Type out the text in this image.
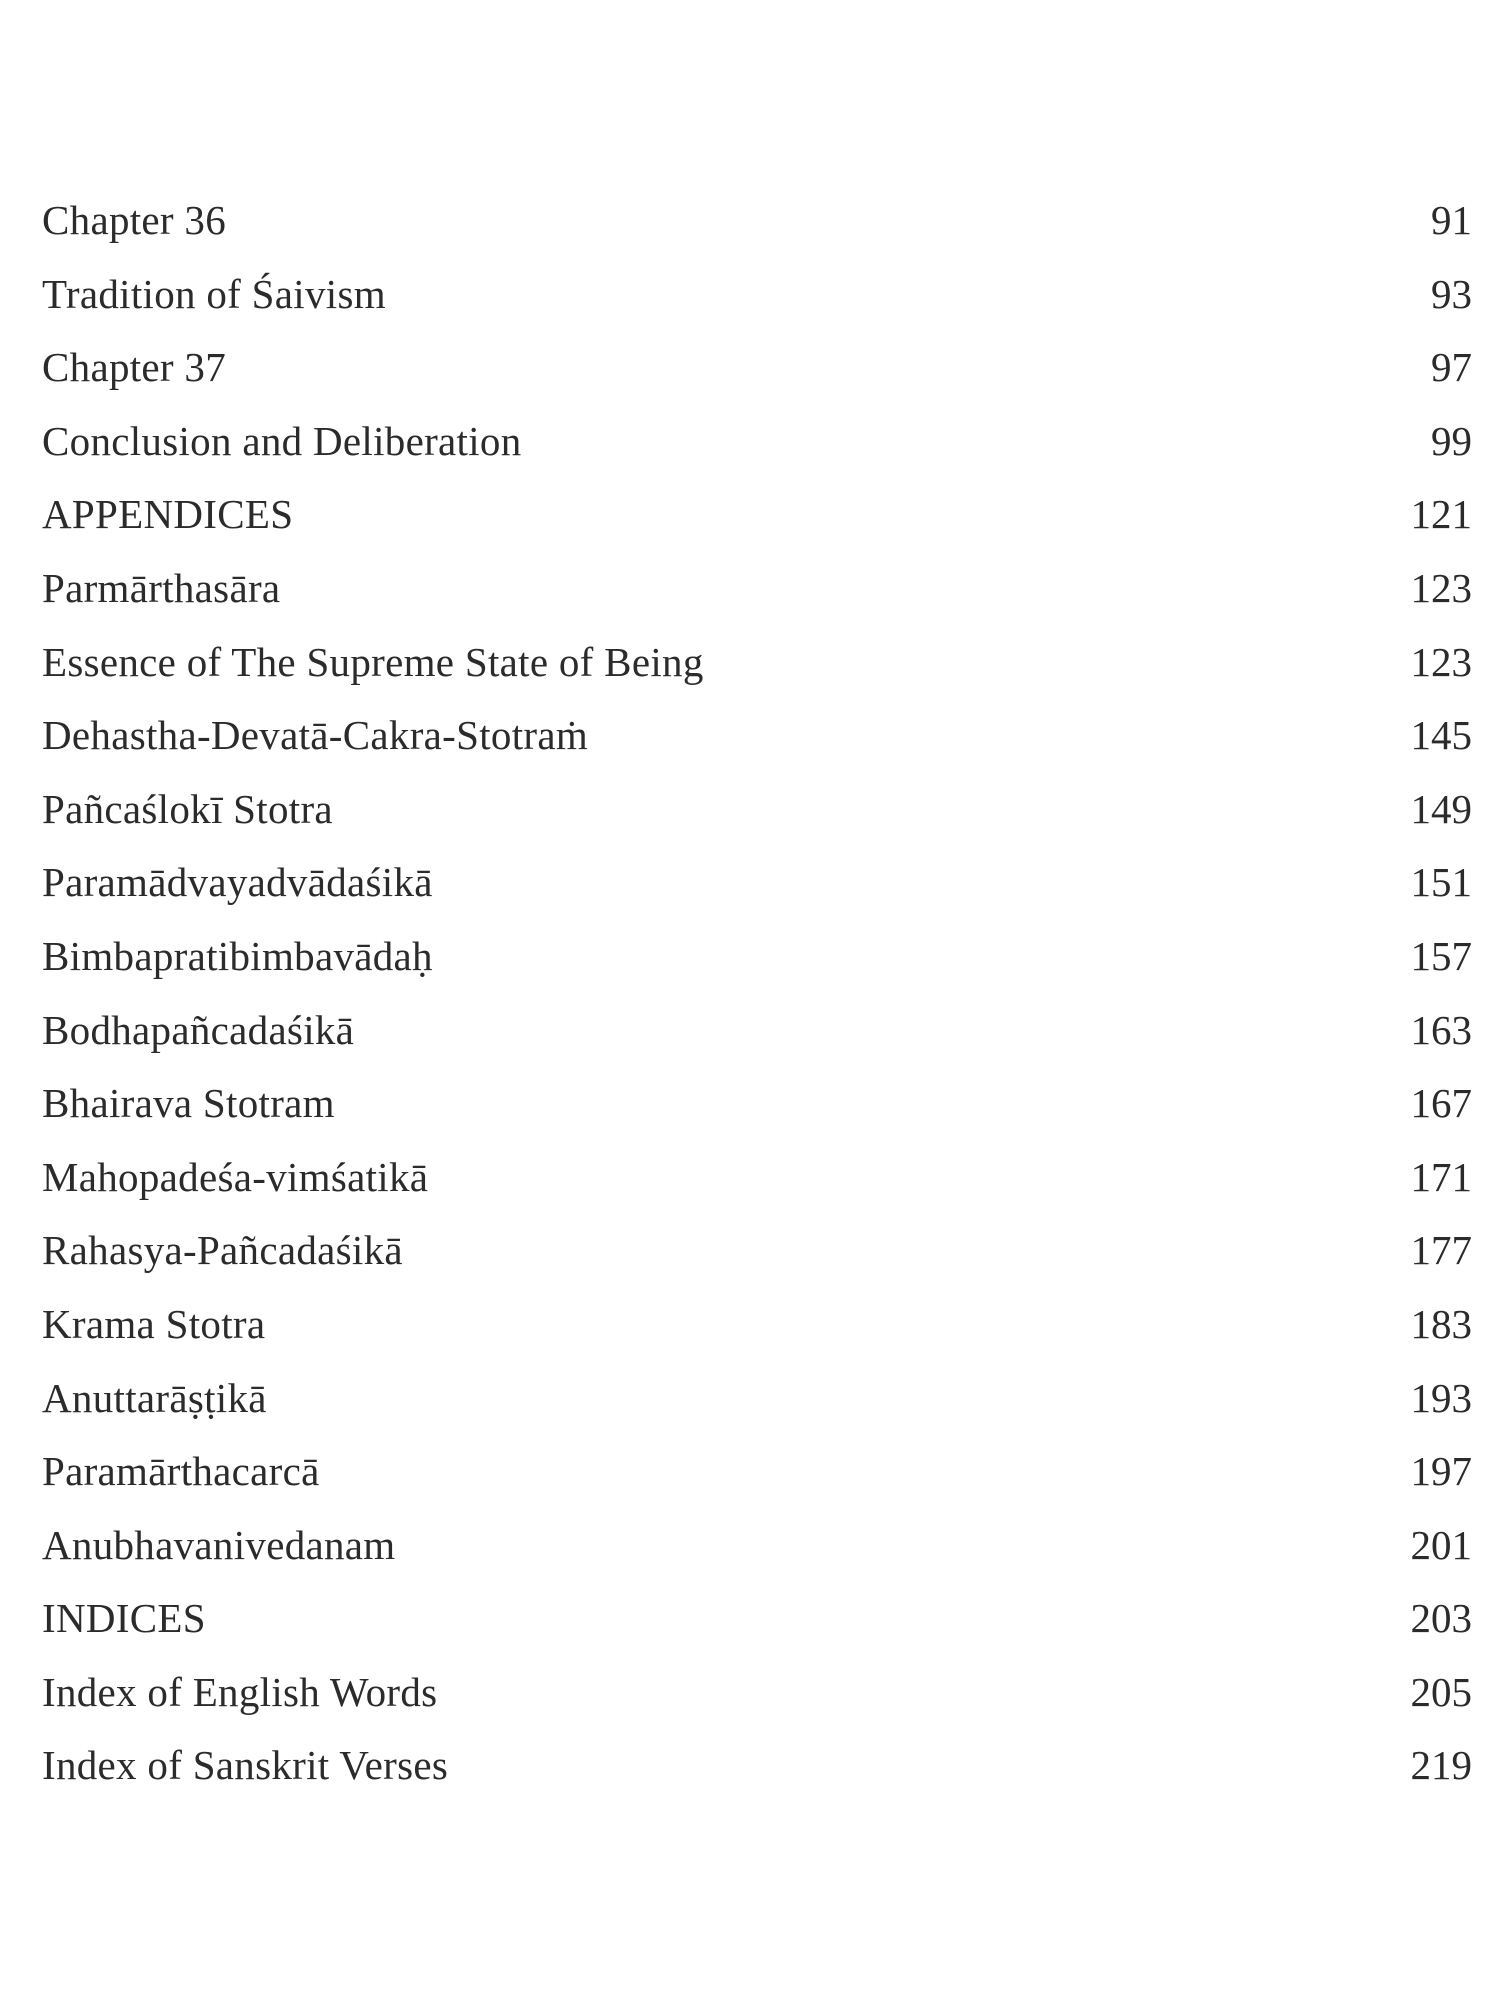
Chapter 36	91
Tradition of Śaivism	93
Chapter 37	97
Conclusion and Deliberation	99
APPENDICES	121
Parmārthasāra	123
Essence of The Supreme State of Being	123
Dehastha-Devatā-Cakra-Stotraṁ	145
Pañcaślokī Stotra	149
Paramādvayadvādaśikā	151
Bimbapratibimbavādaḥ	157
Bodhapañcadaśikā	163
Bhairava Stotram	167
Mahopadeśa-vimśatikā	171
Rahasya-Pañcadaśikā	177
Krama Stotra	183
Anuttarāṣṭikā	193
Paramārthacarcā	197
Anubhavanivedanam	201
INDICES	203
Index of English Words	205
Index of Sanskrit Verses	219
